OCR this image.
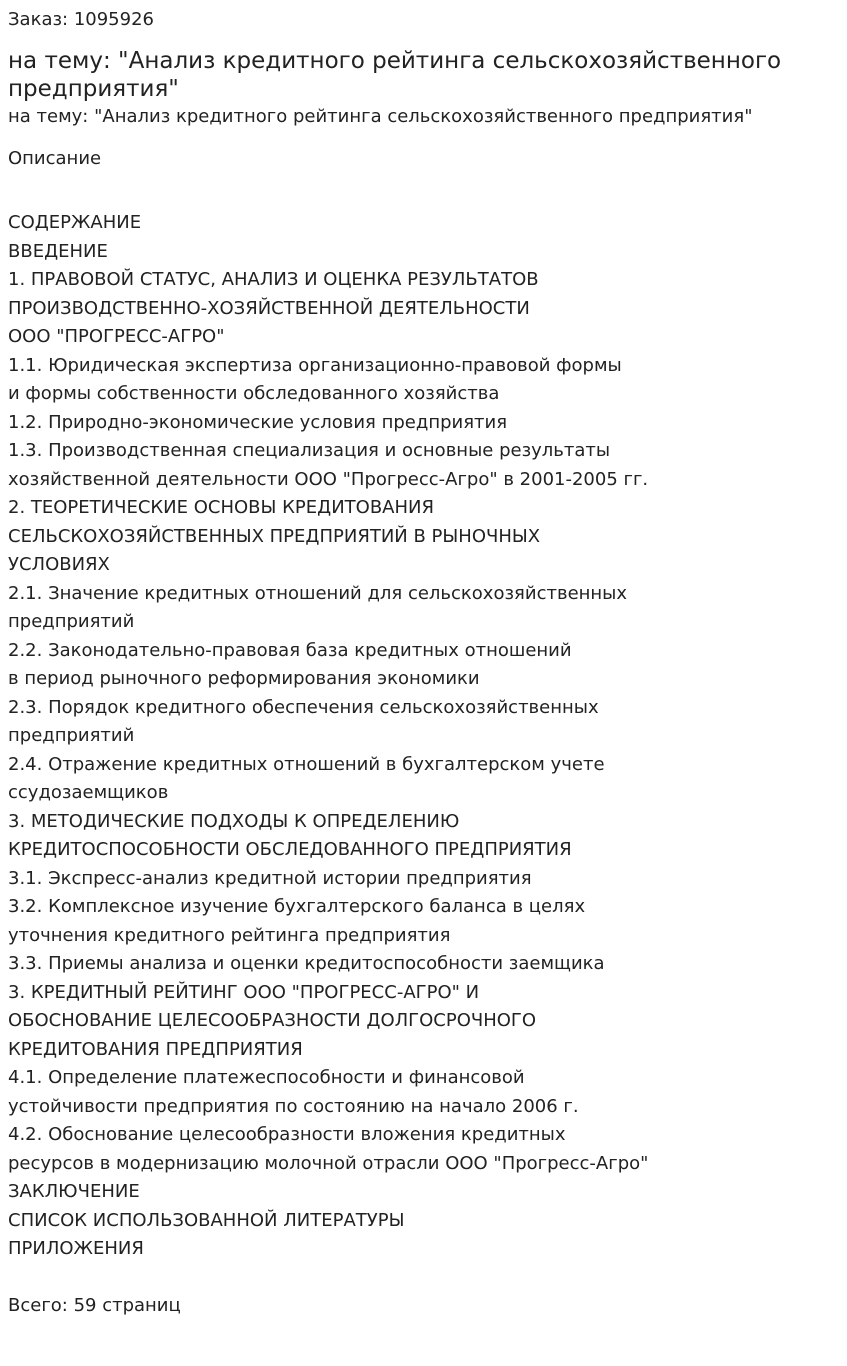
Заказ: 1095926
на тему: "Анализ кредитного рейтинга сельскохозяйственного
предприятия"
на тему: "Анализ кредитного рейтинга сельскохозяйственного предприятия"
Описание
СОДЕРЖАНИЕ
ВВЕДЕНИЕ
1. ПРАВОВОЙ СТАТУС, АНАЛИЗ И ОЦЕНКА РЕЗУЛЬТАТОВ
ПРОИЗВОДСТВЕННО-ХОЗЯЙСТВЕННОЙ ДЕЯТЕЛЬНОСТИ
ООО "ПРОГРЕСС-АГРО"
1.1. Юридическая экспертиза организационно-правовой формы
и формы собственности обследованного хозяйства
1.2. Природно-экономические условия предприятия
1.3. Производственная специализация и основные результаты
хозяйственной деятельности ООО "Прогресс-Агро" в 2001-2005 гг.
2. ТЕОРЕТИЧЕСКИЕ ОСНОВЫ КРЕДИТОВАНИЯ
СЕЛЬСКОХОЗЯЙСТВЕННЫХ ПРЕДПРИЯТИЙ В РЫНОЧНЫХ
УСЛОВИЯХ
2.1. Значение кредитных отношений для сельскохозяйственных
предприятий
2.2. Законодательно-правовая база кредитных отношений
в период рыночного реформирования экономики
2.3. Порядок кредитного обеспечения сельскохозяйственных
предприятий
2.4. Отражение кредитных отношений в бухгалтерском учете
ссудозаемщиков
3. МЕТОДИЧЕСКИЕ ПОДХОДЫ К ОПРЕДЕЛЕНИЮ
КРЕДИТОСПОСОБНОСТИ ОБСЛЕДОВАННОГО ПРЕДПРИЯТИЯ
3.1. Экспресс-анализ кредитной истории предприятия
3.2. Комплексное изучение бухгалтерского баланса в целях
уточнения кредитного рейтинга предприятия
3.3. Приемы анализа и оценки кредитоспособности заемщика
3. КРЕДИТНЫЙ РЕЙТИНГ ООО "ПРОГРЕСС-АГРО" И
ОБОСНОВАНИЕ ЦЕЛЕСООБРАЗНОСТИ ДОЛГОСРОЧНОГО
КРЕДИТОВАНИЯ ПРЕДПРИЯТИЯ
4.1. Определение платежеспособности и финансовой
устойчивости предприятия по состоянию на начало 2006 г.
4.2. Обоснование целесообразности вложения кредитных
ресурсов в модернизацию молочной отрасли ООО "Прогресс-Агро"
ЗАКЛЮЧЕНИЕ
СПИСОК ИСПОЛЬЗОВАННОЙ ЛИТЕРАТУРЫ
ПРИЛОЖЕНИЯ
Всего: 59 страниц
